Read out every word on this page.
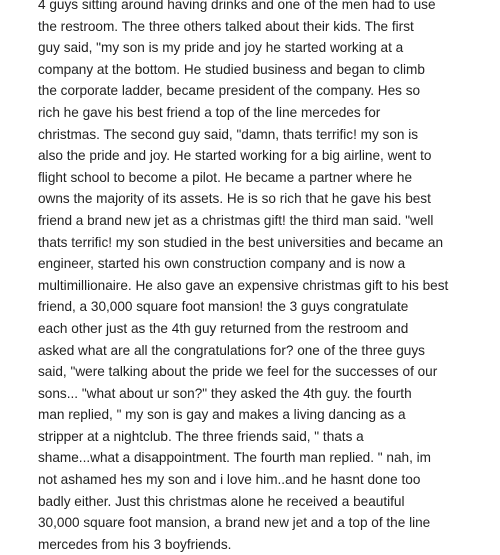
4 guys sitting around having drinks and one of the men had to use
the restroom. The three others talked about their kids. The first
guy said, "my son is my pride and joy he started working at a
company at the bottom. He studied business and began to climb
the corporate ladder, became president of the company. Hes so
rich he gave his best friend a top of the line mercedes for
christmas. The second guy said, "damn, thats terrific! my son is
also the pride and joy. He started working for a big airline, went to
flight school to become a pilot. He became a partner where he
owns the majority of its assets. He is so rich that he gave his best
friend a brand new jet as a christmas gift! the third man said. "well
thats terrific! my son studied in the best universities and became an
engineer, started his own construction company and is now a
multimillionaire. He also gave an expensive christmas gift to his best
friend, a 30,000 square foot mansion! the 3 guys congratulate
each other just as the 4th guy returned from the restroom and
asked what are all the congratulations for? one of the three guys
said, "were talking about the pride we feel for the successes of our
sons... "what about ur son?" they asked the 4th guy. the fourth
man replied, " my son is gay and makes a living dancing as a
stripper at a nightclub. The three friends said, " thats a
shame...what a disappointment. The fourth man replied. " nah, im
not ashamed hes my son and i love him..and he hasnt done too
badly either. Just this christmas alone he received a beautiful
30,000 square foot mansion, a brand new jet and a top of the line
mercedes from his 3 boyfriends.
